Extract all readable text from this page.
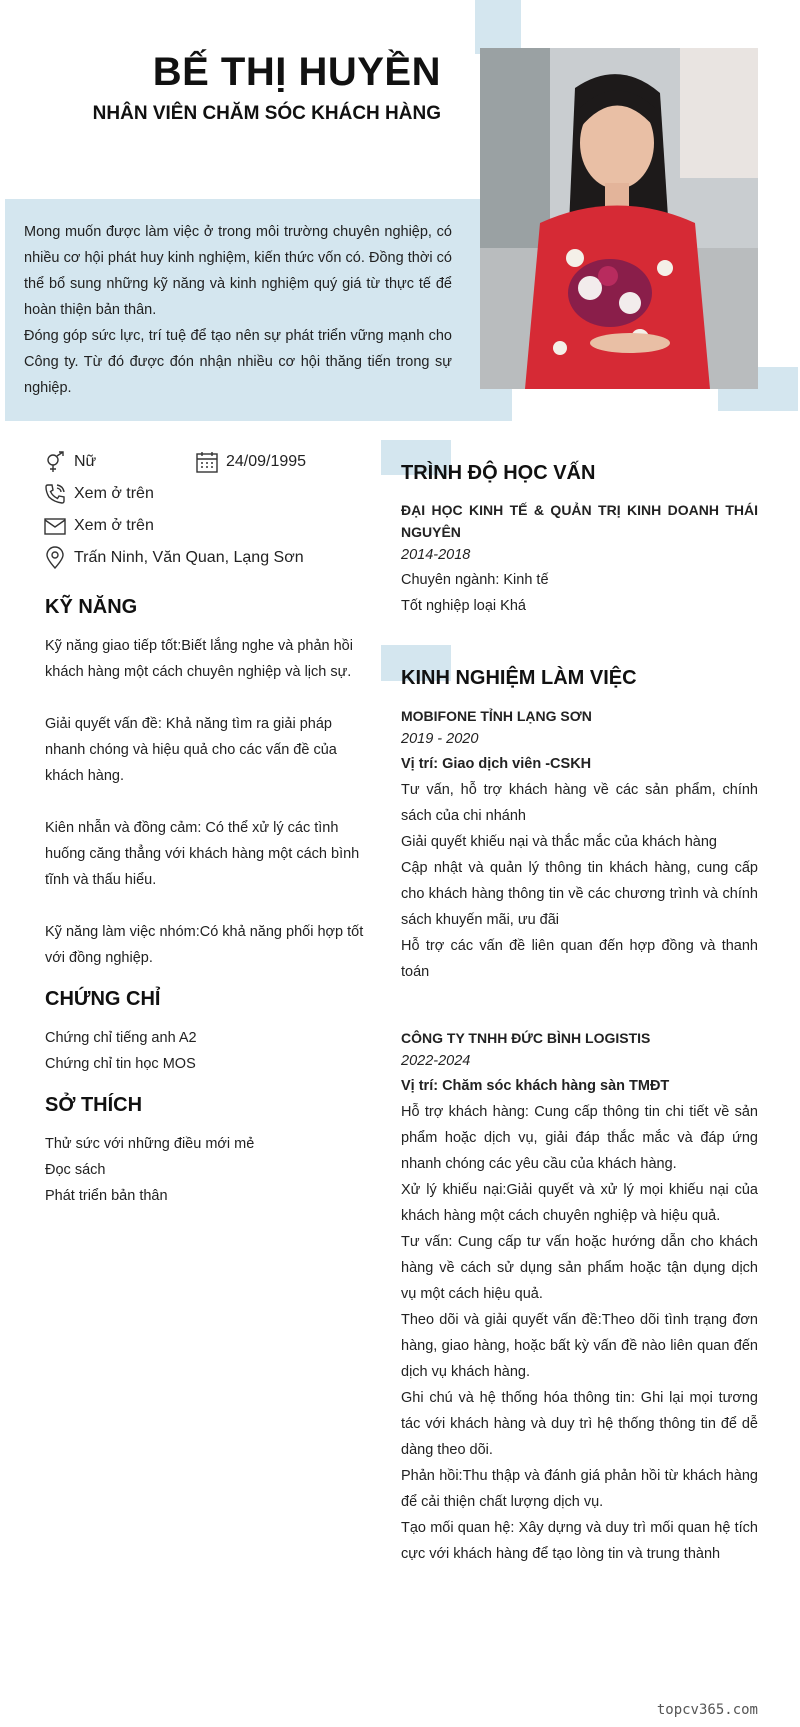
BẾ THỊ HUYỀN
NHÂN VIÊN CHĂM SÓC KHÁCH HÀNG

Mong muốn được làm việc ở trong môi trường chuyên nghiệp, có nhiều cơ hội phát huy kinh nghiệm, kiến thức vốn có. Đồng thời có thể bổ sung những kỹ năng và kinh nghiệm quý giá từ thực tế để hoàn thiện bản thân.

Đóng góp sức lực, trí tuệ để tạo nên sự phát triển vững mạnh cho Công ty. Từ đó được đón nhận nhiều cơ hội thăng tiến trong sự nghiệp.

Nữ	24/09/1995
Xem ở trên
Xem ở trên
Trấn Ninh, Văn Quan, Lạng Sơn
KỸ NĂNG
Kỹ năng giao tiếp tốt:Biết lắng nghe và phản hồi khách hàng một cách chuyên nghiệp và lịch sự.
Giải quyết vấn đề: Khả năng tìm ra giải pháp nhanh chóng và hiệu quả cho các vấn đề của khách hàng.
Kiên nhẫn và đồng cảm: Có thể xử lý các tình huống căng thẳng với khách hàng một cách bình tĩnh và thấu hiểu.
Kỹ năng làm việc nhóm:Có khả năng phối hợp tốt với đồng nghiệp.
CHỨNG CHỈ
Chứng chỉ tiếng anh A2
Chứng chỉ tin học MOS
SỞ THÍCH
Thử sức với những điều mới mẻ
Đọc sách
Phát triển bản thân
TRÌNH ĐỘ HỌC VẤN
ĐẠI HỌC KINH TẾ & QUẢN TRỊ KINH DOANH THÁI NGUYÊN
2014-2018
Chuyên ngành: Kinh tế
Tốt nghiệp loại Khá
KINH NGHIỆM LÀM VIỆC
MOBIFONE TỈNH LẠNG SƠN
2019 - 2020
Vị trí: Giao dịch viên -CSKH
Tư vấn, hỗ trợ khách hàng về các sản phẩm, chính sách của chi nhánh
Giải quyết khiếu nại và thắc mắc của khách hàng
Cập nhật và quản lý thông tin khách hàng, cung cấp cho khách hàng thông tin về các chương trình và chính sách khuyến mãi, ưu đãi
Hỗ trợ các vấn đề liên quan đến hợp đồng và thanh toán
CÔNG TY TNHH ĐỨC BÌNH LOGISTIS
2022-2024
Vị trí: Chăm sóc khách hàng sàn TMĐT
Hỗ trợ khách hàng: Cung cấp thông tin chi tiết về sản phẩm hoặc dịch vụ, giải đáp thắc mắc và đáp ứng nhanh chóng các yêu cầu của khách hàng.
Xử lý khiếu nại:Giải quyết và xử lý mọi khiếu nại của khách hàng một cách chuyên nghiệp và hiệu quả.
Tư vấn: Cung cấp tư vấn hoặc hướng dẫn cho khách hàng về cách sử dụng sản phẩm hoặc tận dụng dịch vụ một cách hiệu quả.
Theo dõi và giải quyết vấn đề:Theo dõi tình trạng đơn hàng, giao hàng, hoặc bất kỳ vấn đề nào liên quan đến dịch vụ khách hàng.
Ghi chú và hệ thống hóa thông tin: Ghi lại mọi tương tác với khách hàng và duy trì hệ thống thông tin để dễ dàng theo dõi.
Phản hồi:Thu thập và đánh giá phản hồi từ khách hàng để cải thiện chất lượng dịch vụ.
Tạo mối quan hệ: Xây dựng và duy trì mối quan hệ tích cực với khách hàng để tạo lòng tin và trung thành
topcv365.com
